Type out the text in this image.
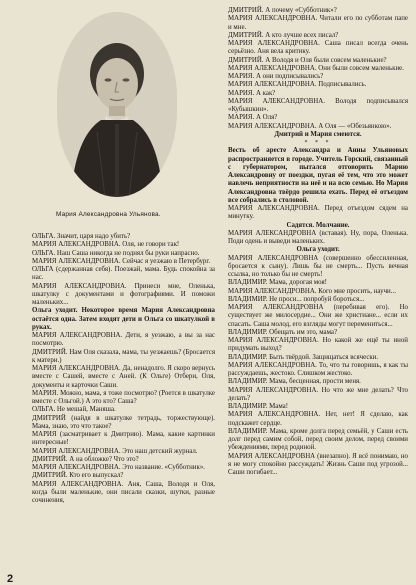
Мария Александровна Ульянова.

ОЛЬГА. Значит, царя надо убить?

МАРИЯ АЛЕКСАНДРОВНА. Оля, не говори так!

ОЛЬГА. Наш Саша никогда не поднял бы руки напрасно.

МАРИЯ АЛЕКСАНДРОВНА. Сейчас я уезжаю в Петербург.

ОЛЬГА (сдержанная себя). Поезжай, мама. Будь спокойна за нас.

МАРИЯ АЛЕКСАНДРОВНА. Принеси мне, Оленька, шкатулку с документами и фотографиями. И поможи маленьких...

Ольга уходит. Некоторое время Мария Александровна остаётся одна. Затем входят дети и Ольга со шкатулкой в руках.

МАРИЯ АЛЕКСАНДРОВНА. Дети, я уезжаю, а вы за нас посмотрю.

ДМИТРИЙ. Нам Оля сказала, мама, ты уезжаешь? (Бросается к матери.)

МАРИЯ АЛЕКСАНДРОВНА. Да, ненадолго. Я скоро вернусь вместе с Сашей, вместе с Аней. (К Ольге) Отбери, Оля, документы и карточки Саши.

МАРИЯ. Можно, мама, я тоже посмотрю? (Роется в шкатулке вместе с Ольгой.) А это кто? Саша?

ОЛЬГА. Не мешай, Маняша.

ДМИТРИЙ (найдя в шкатулке тетрадь, торжествующе). Мама, знаю, это что такое?

МАРИЯ (засматривает к Дмитрию). Мама, какие картинки интересные!

МАРИЯ АЛЕКСАНДРОВНА. Это наш детский журнал.

ДМИТРИЙ. А на обложке? Что это?

МАРИЯ АЛЕКСАНДРОВНА. Это название. «Субботник».

ДМИТРИЙ. Кто его выпускал?

МАРИЯ АЛЕКСАНДРОВНА. Аня, Саша, Володя и Оля, когда были маленькие, они писали сказки, шутки, разные сочинения,

ДМИТРИЙ. А почему «Субботник»?

МАРИЯ АЛЕКСАНДРОВНА. Читали его по субботам папе и мне.

ДМИТРИЙ. А кто лучше всех писал?

МАРИЯ АЛЕКСАНДРОВНА. Саша писал всегда очень серьёзно. Аня вела критику.

ДМИТРИЙ. А Володя и Оля были совсем маленькие?

МАРИЯ АЛЕКСАНДРОВНА. Они были совсем маленькие.

МАРИЯ. А они подписывались?

МАРИЯ АЛЕКСАНДРОВНА. Подписывались.

МАРИЯ. А как?

МАРИЯ АЛЕКСАНДРОВНА. Володя подписывался «Кубышкин».

МАРИЯ. А Оля?

МАРИЯ АЛЕКСАНДРОВНА. А Оля — «Обезьянкою».

Дмитрий и Мария смеются.

* * *

Весть об аресте Александра и Анны Ульяновых распространяется в городе. Учитель Горский, связанный с губернатором, пытался отговорить Марию Александровну от поездки, пугая её тем, что это может навлечь неприятности на неё и на всю семью. Но Мария Александровна твёрдо решила ехать. Перед её отъездом все собрались в столовой.

МАРИЯ АЛЕКСАНДРОВНА. Перед отъездом сядем на минутку.

Садятся. Молчание.

МАРИЯ АЛЕКСАНДРОВНА (вставая). Ну, пора, Оленька. Поди одень и выведи маленьких.

Ольга уходит.

МАРИЯ АЛЕКСАНДРОВНА (совершенно обессиленная, бросается к сыну). Лишь бы не смерть... Пусть вечная ссылка, но только бы не смерть!

ВЛАДИМИР. Мама, дорогая моя!

МАРИЯ АЛЕКСАНДРОВНА. Кого мне просить, научи...

ВЛАДИМИР. Не проси... попробуй бороться...

МАРИЯ АЛЕКСАНДРОВНА (перебивая его). Но существует же милосердие... Они же христиане... если их спасать. Саша молод, его взгляды могут перемениться...

ВЛАДИМИР. Обещать им это, мама?

МАРИЯ АЛЕКСАНДРОВНА. Но какой же ещё ты иной придумать выход?

ВЛАДИМИР. Быть твёрдой. Защищаться всячески.

МАРИЯ АЛЕКСАНДРОВНА. То, что ты говоришь, я как ты рассуждаешь, жестоко. Слишком жестоко.

ВЛАДИМИР. Мама, бесценная, прости меня.

МАРИЯ АЛЕКСАНДРОВНА. Но что же мне делать? Что делать?

ВЛАДИМИР. Мама!

МАРИЯ АЛЕКСАНДРОВНА. Нет, нет! Я сделаю, как подскажет сердце.

ВЛАДИМИР. Мама, кроме долга перед семьёй, у Саши есть долг перед самим собой, перед своим делом, перед своими убеждениями, перед родиной.

МАРИЯ АЛЕКСАНДРОВНА (внезапно). Я всё понимаю, но я не могу спокойно рассуждать! Жизнь Саши под угрозой... Саши погибает...

2
